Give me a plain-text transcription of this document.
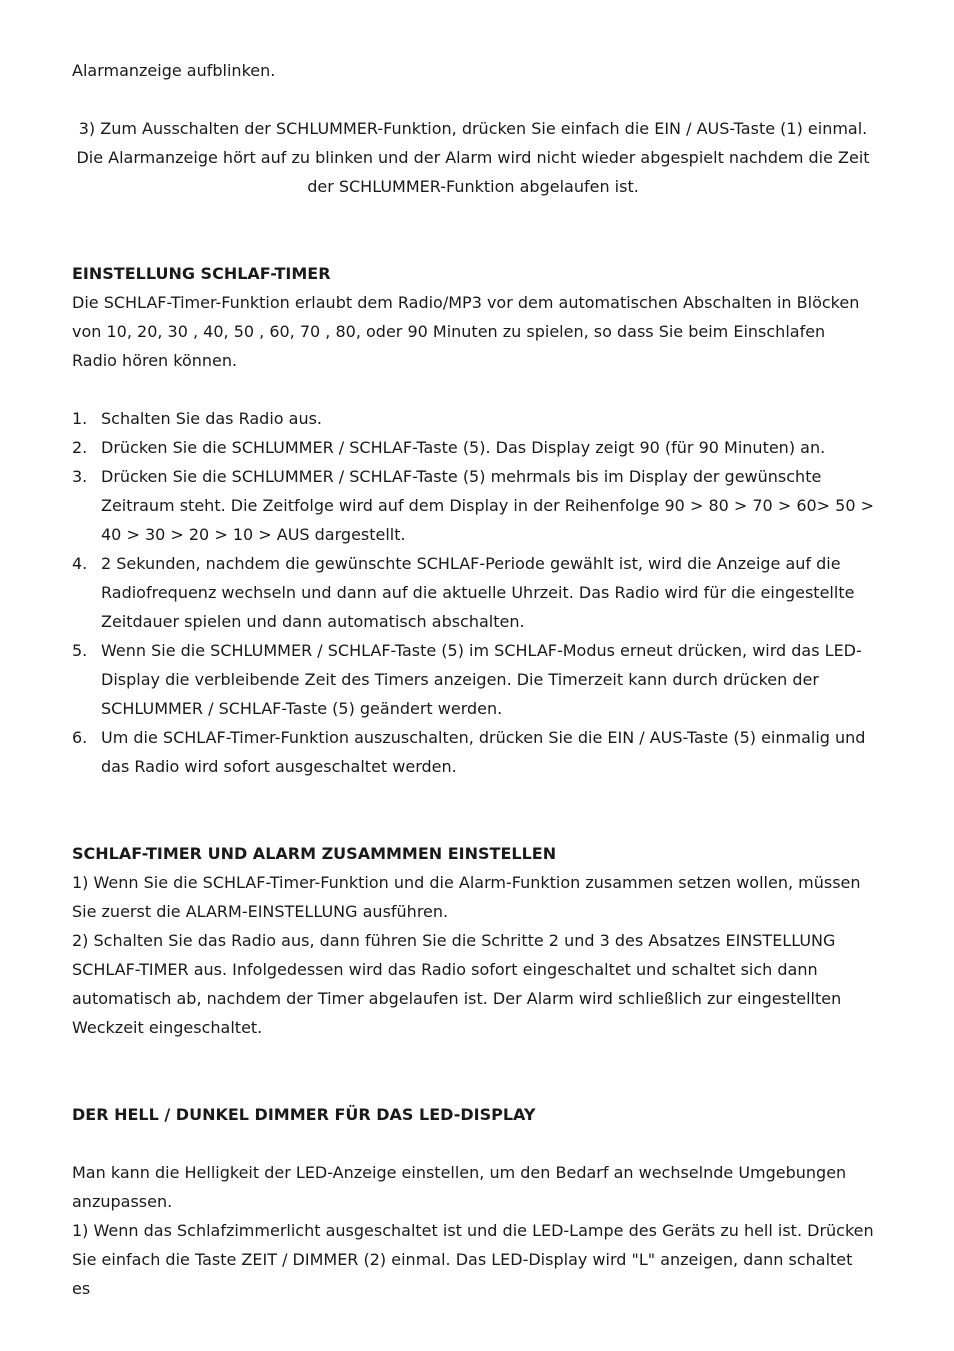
Alarmanzeige aufblinken.

3) Zum Ausschalten der SCHLUMMER-Funktion, drücken Sie einfach die EIN / AUS-Taste (1) einmal. Die Alarmanzeige hört auf zu blinken und der Alarm wird nicht wieder abgespielt nachdem die Zeit der SCHLUMMER-Funktion abgelaufen ist.

EINSTELLUNG SCHLAF-TIMER

Die SCHLAF-Timer-Funktion erlaubt dem Radio/MP3 vor dem automatischen Abschalten in Blöcken von 10, 20, 30 , 40, 50 , 60, 70 , 80, oder 90 Minuten zu spielen, so dass Sie beim Einschlafen Radio hören können.

1. Schalten Sie das Radio aus.
2. Drücken Sie die SCHLUMMER / SCHLAF-Taste (5). Das Display zeigt 90 (für 90 Minuten) an.
3. Drücken Sie die SCHLUMMER / SCHLAF-Taste (5) mehrmals bis im Display der gewünschte Zeitraum steht. Die Zeitfolge wird auf dem Display in der Reihenfolge 90 > 80 > 70 > 60> 50 > 40 > 30 > 20 > 10 > AUS dargestellt.
4. 2 Sekunden, nachdem die gewünschte SCHLAF-Periode gewählt ist, wird die Anzeige auf die Radiofrequenz wechseln und dann auf die aktuelle Uhrzeit. Das Radio wird für die eingestellte Zeitdauer spielen und dann automatisch abschalten.
5. Wenn Sie die SCHLUMMER / SCHLAF-Taste (5) im SCHLAF-Modus erneut drücken, wird das LED-Display die verbleibende Zeit des Timers anzeigen. Die Timerzeit kann durch drücken der SCHLUMMER / SCHLAF-Taste (5) geändert werden.
6. Um die SCHLAF-Timer-Funktion auszuschalten, drücken Sie die EIN / AUS-Taste (5) einmalig und das Radio wird sofort ausgeschaltet werden.
SCHLAF-TIMER UND ALARM ZUSAMMMEN EINSTELLEN

1) Wenn Sie die SCHLAF-Timer-Funktion und die Alarm-Funktion zusammen setzen wollen, müssen Sie zuerst die ALARM-EINSTELLUNG ausführen.

2) Schalten Sie das Radio aus, dann führen Sie die Schritte 2 und 3 des Absatzes EINSTELLUNG SCHLAF-TIMER aus. Infolgedessen wird das Radio sofort eingeschaltet und schaltet sich dann automatisch ab, nachdem der Timer abgelaufen ist. Der Alarm wird schließlich zur eingestellten Weckzeit eingeschaltet.

DER HELL / DUNKEL DIMMER FÜR DAS LED-DISPLAY

Man kann die Helligkeit der LED-Anzeige einstellen, um den Bedarf an wechselnde Umgebungen anzupassen.

1) Wenn das Schlafzimmerlicht ausgeschaltet ist und die LED-Lampe des Geräts zu hell ist. Drücken Sie einfach die Taste ZEIT / DIMMER (2) einmal. Das LED-Display wird "L" anzeigen, dann schaltet es
